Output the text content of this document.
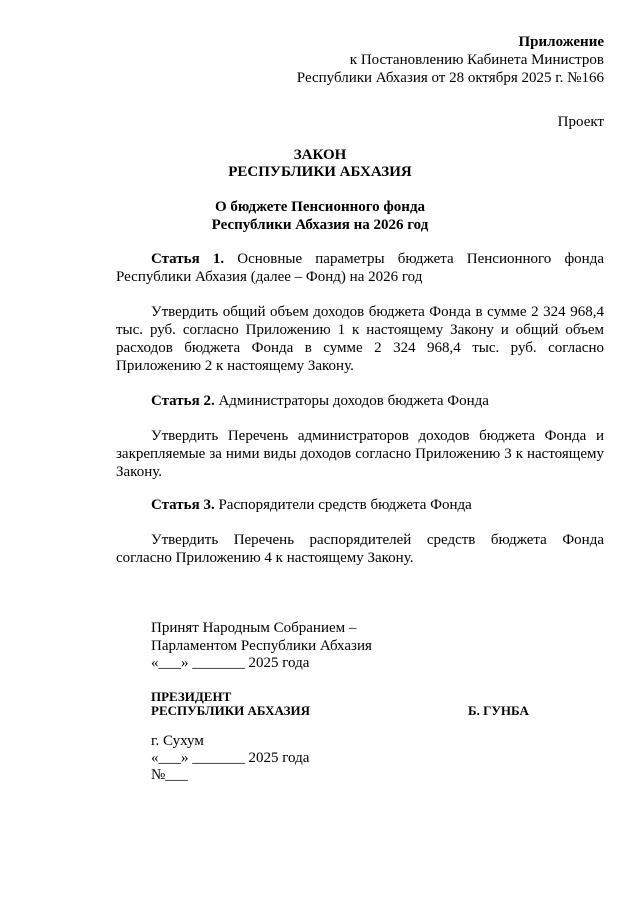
Приложение
к Постановлению Кабинета Министров
Республики Абхазия от 28 октября 2025 г. №166
Проект
ЗАКОН
РЕСПУБЛИКИ АБХАЗИЯ
О бюджете Пенсионного фонда
Республики Абхазия на 2026 год
Статья 1. Основные параметры бюджета Пенсионного фонда Республики Абхазия (далее – Фонд) на 2026 год
Утвердить общий объем доходов бюджета Фонда в сумме 2 324 968,4 тыс. руб. согласно Приложению 1 к настоящему Закону и общий объем расходов бюджета Фонда в сумме 2 324 968,4 тыс. руб. согласно Приложению 2 к настоящему Закону.
Статья 2. Администраторы доходов бюджета Фонда
Утвердить Перечень администраторов доходов бюджета Фонда и закрепляемые за ними виды доходов согласно Приложению 3 к настоящему Закону.
Статья 3. Распорядители средств бюджета Фонда
Утвердить Перечень распорядителей средств бюджета Фонда согласно Приложению 4 к настоящему Закону.
Принят Народным Собранием –
Парламентом Республики Абхазия
«___» _______ 2025 года
ПРЕЗИДЕНТ
РЕСПУБЛИКИ АБХАЗИЯ	Б. ГУНБА
г. Сухум
«___» _______ 2025 года
№___
